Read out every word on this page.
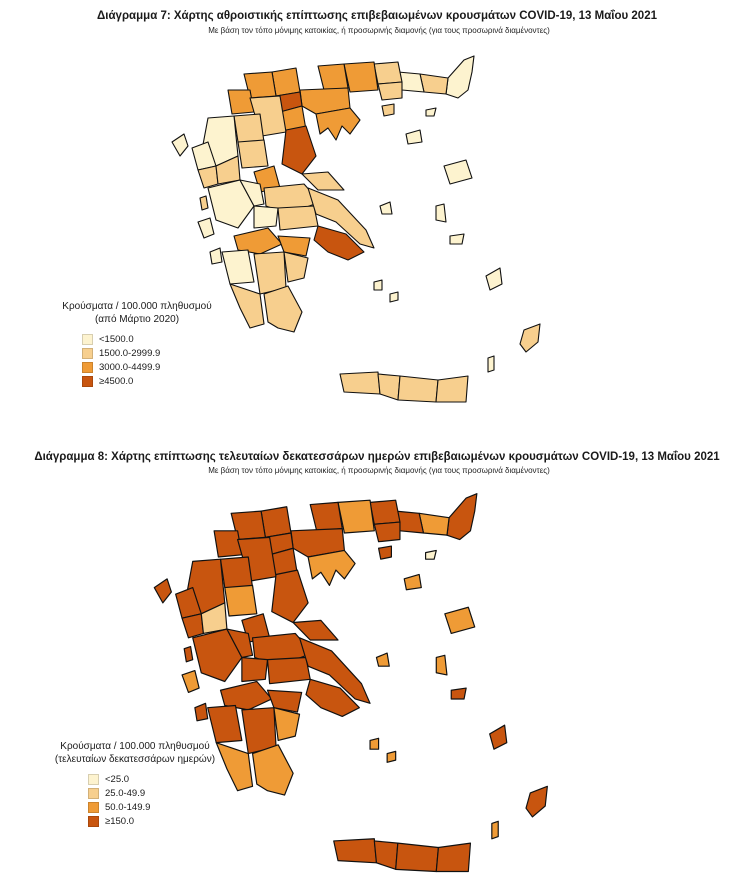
Διάγραμμα 7: Χάρτης αθροιστικής επίπτωσης επιβεβαιωμένων κρουσμάτων COVID-19, 13 Μαΐου 2021
Με βάση τον τόπο μόνιμης κατοικίας, ή προσωρινής διαμονής (για τους προσωρινά διαμένοντες)
Κρούσματα / 100.000 πληθυσμού
(από Μάρτιο 2020)
<1500.0
1500.0-2999.9
3000.0-4499.9
≥4500.0
Διάγραμμα 8: Χάρτης επίπτωσης τελευταίων δεκατεσσάρων ημερών επιβεβαιωμένων κρουσμάτων COVID-19, 13 Μαΐου 2021
Με βάση τον τόπο μόνιμης κατοικίας, ή προσωρινής διαμονής (για τους προσωρινά διαμένοντες)
Κρούσματα / 100.000 πληθυσμού
(τελευταίων δεκατεσσάρων ημερών)
<25.0
25.0-49.9
50.0-149.9
≥150.0
